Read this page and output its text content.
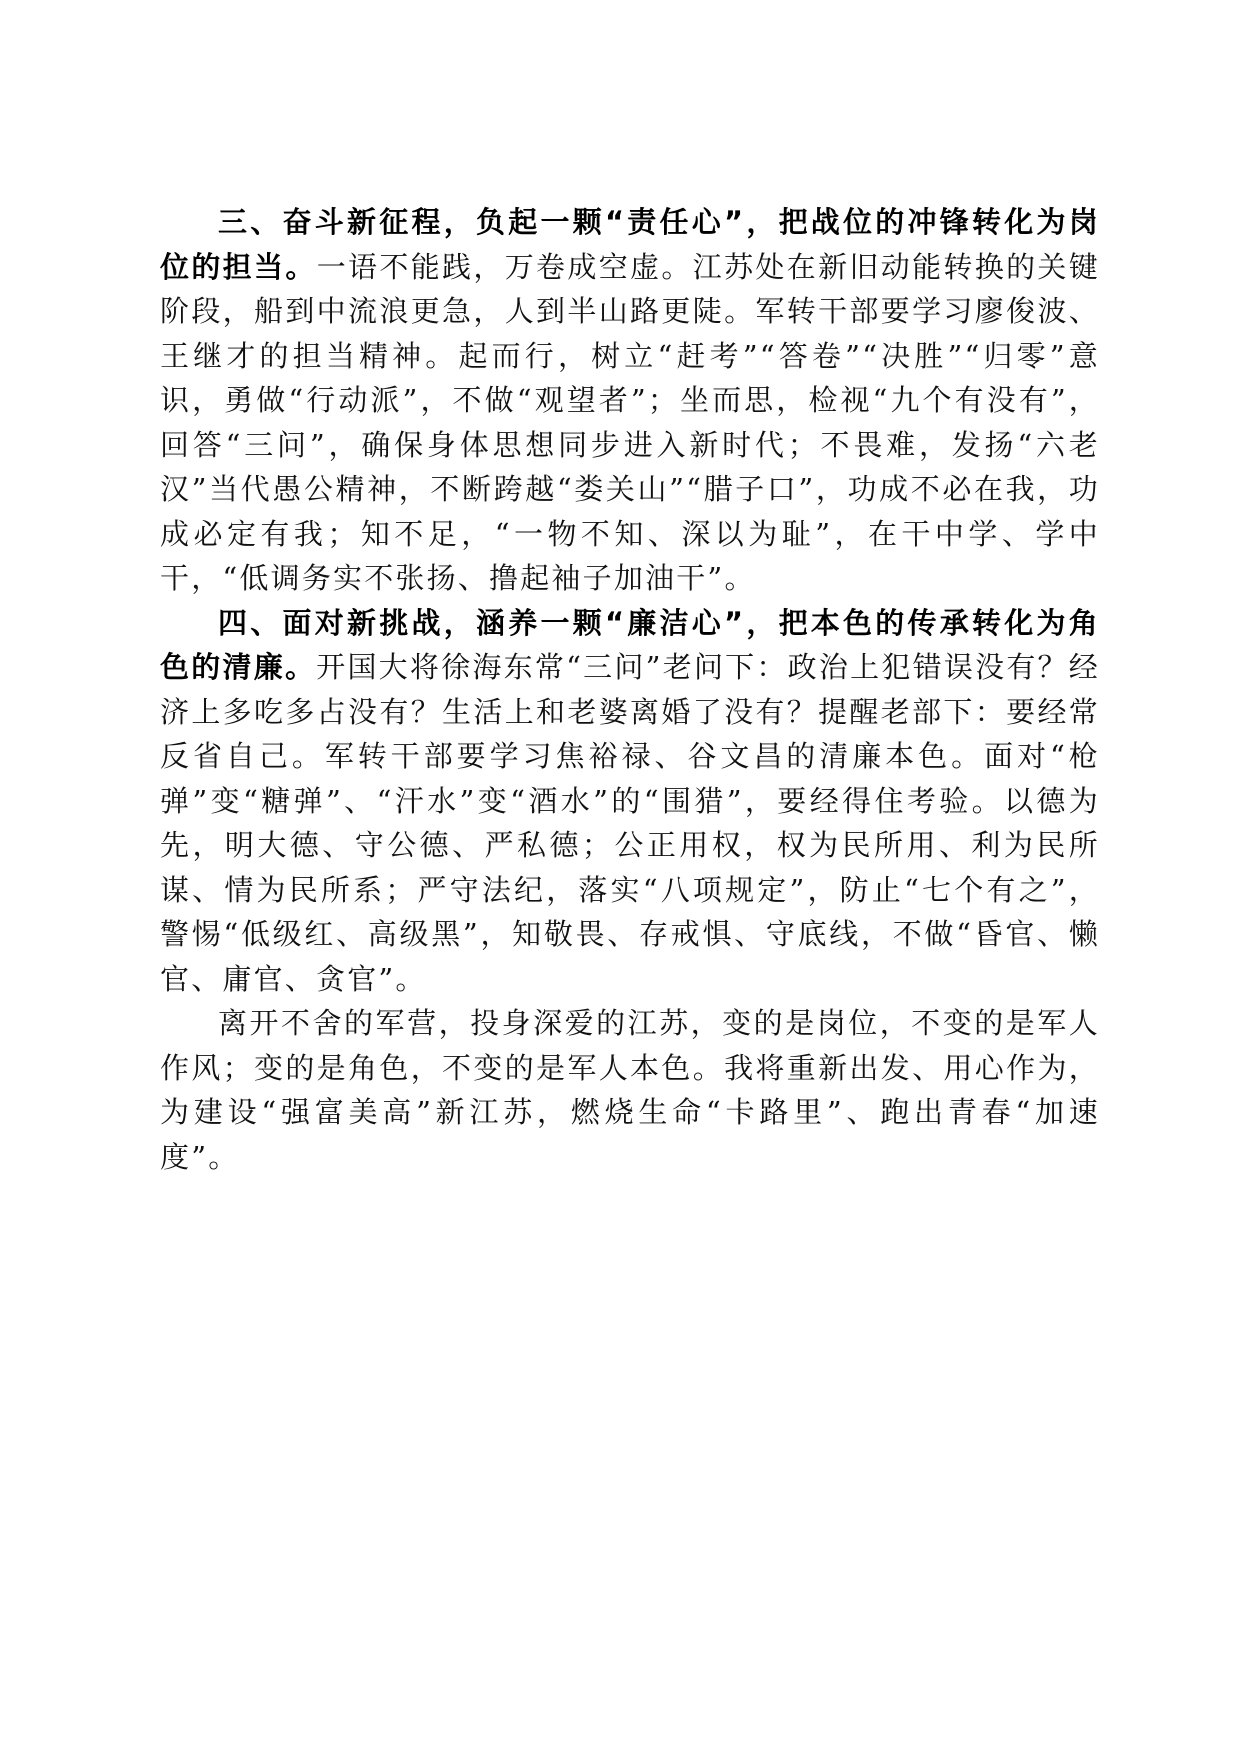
三、奋斗新征程，负起一颗“责任心”，把战位的冲锋转化为岗位的担当。一语不能践，万卷成空虚。江苏处在新旧动能转换的关键阶段，船到中流浪更急，人到半山路更陡。军转干部要学习廖俊波、王继才的担当精神。起而行，树立“赶考”“答卷”“决胜”“归零”意识，勇做“行动派”，不做“观望者”；坐而思，检视“九个有没有”，回答“三问”，确保身体思想同步进入新时代；不畏难，发扬“六老汉”当代愚公精神，不断跨越“娄关山”“腊子口”，功成不必在我，功成必定有我；知不足，“一物不知、深以为耻”，在干中学、学中干，“低调务实不张扬、撸起袖子加油干”。

四、面对新挑战，涵养一颗“廉洁心”，把本色的传承转化为角色的清廉。开国大将徐海东常“三问”老问下：政治上犯错误没有？经济上多吃多占没有？生活上和老婆离婚了没有？提醒老部下：要经常反省自己。军转干部要学习焦裕禄、谷文昌的清廉本色。面对“枪弹”变“糖弹”、“汗水”变“酒水”的“围猎”，要经得住考验。以德为先，明大德、守公德、严私德；公正用权，权为民所用、利为民所谋、情为民所系；严守法纪，落实“八项规定”，防止“七个有之”，警惕“低级红、高级黑”，知敬畏、存戒惧、守底线，不做“昏官、懒官、庸官、贪官”。

离开不舍的军营，投身深爱的江苏，变的是岗位，不变的是军人作风；变的是角色，不变的是军人本色。我将重新出发、用心作为，为建设“强富美高”新江苏，燃烧生命“卡路里”、跑出青春“加速度”。
